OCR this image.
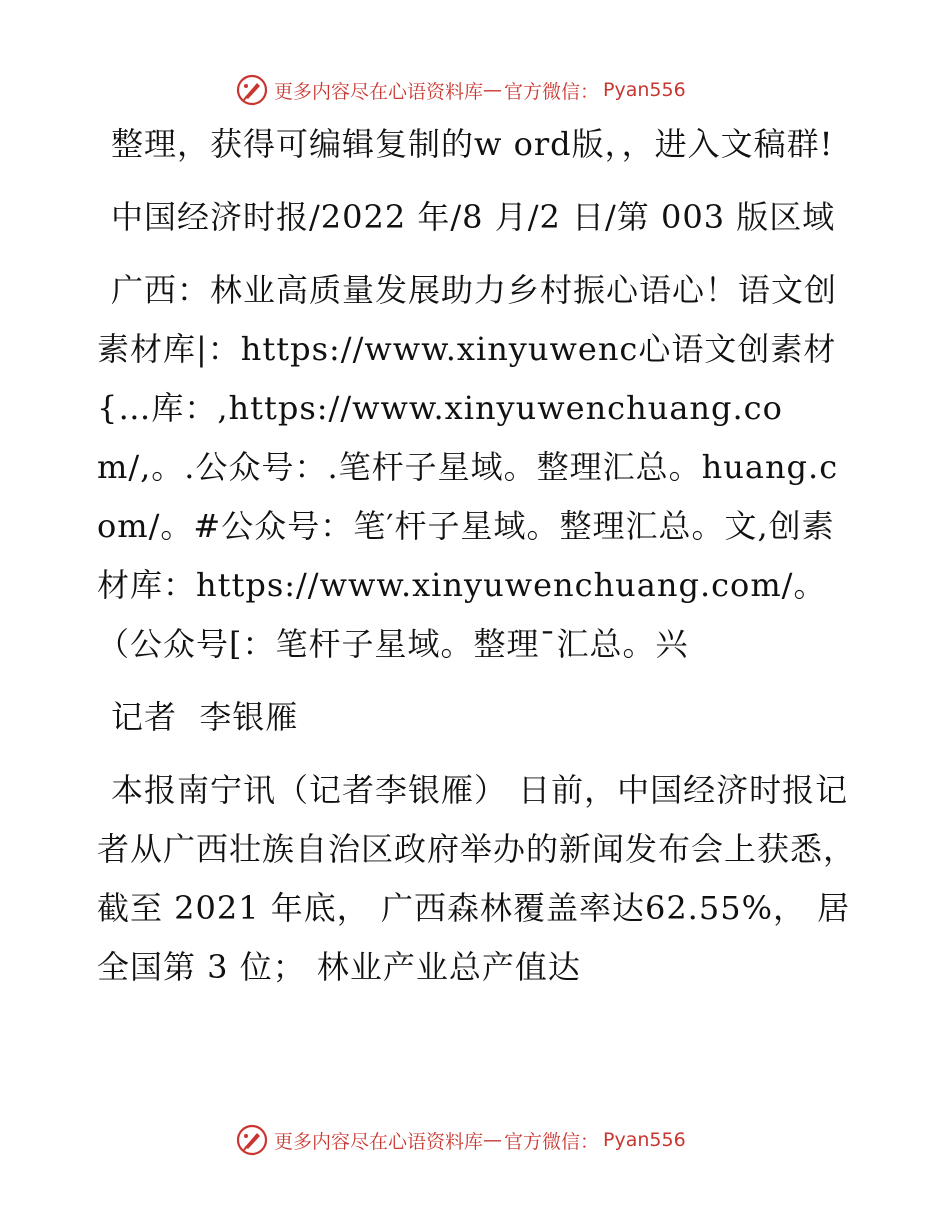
更多内容尽在心语资料库 — 官方微信： Pyan556

整理，获得可编辑复制的w ord版，，进入文稿群!

中国经济时报/2022 年/8 月/2 日/第 003 版区域

广西：林业高质量发展助力乡村振心语心！语文创素材库|：https://www.xinyuwenc心语文创素材{…库：,https://www.xinyuwenchuang.com/,。.公众号：.笔杆子星域。整理汇总。huang.com/。#公众号：笔′杆子星域。整理汇总。文,创素材库：https://www.xinyuwenchuang.com/。（公众号[：笔杆子星域。整理¯汇总。兴

记者  李银雁

本报南宁讯（记者李银雁） 日前，中国经济时报记者从广西壮族自治区政府举办的新闻发布会上获悉， 截至 2021 年底， 广西森林覆盖率达62.55%， 居全国第 3 位； 林业产业总产值达

更多内容尽在心语资料库 — 官方微信： Pyan556
